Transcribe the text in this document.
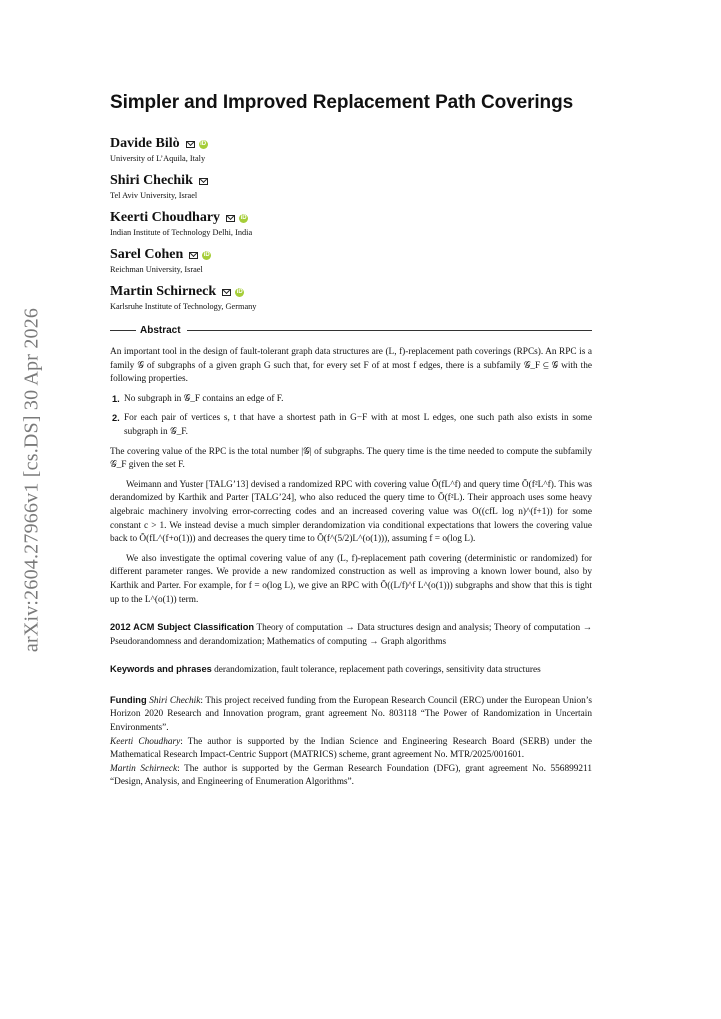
arXiv:2604.27966v1 [cs.DS] 30 Apr 2026
Simpler and Improved Replacement Path Coverings
Davide Bilò	iD
University of L’Aquila, Italy
Shiri Chechik
Tel Aviv University, Israel
Keerti Choudhary	iD
Indian Institute of Technology Delhi, India
Sarel Cohen	iD
Reichman University, Israel
Martin Schirneck	iD
Karlsruhe Institute of Technology, Germany
Abstract

An important tool in the design of fault-tolerant graph data structures are (L, f)-replacement path coverings (RPCs). An RPC is a family 𝒢 of subgraphs of a given graph G such that, for every set F of at most f edges, there is a subfamily 𝒢_F ⊆ 𝒢 with the following properties.

1. No subgraph in 𝒢_F contains an edge of F.
2. For each pair of vertices s, t that have a shortest path in G−F with at most L edges, one such path also exists in some subgraph in 𝒢_F.

The covering value of the RPC is the total number |𝒢| of subgraphs. The query time is the time needed to compute the subfamily 𝒢_F given the set F.

Weimann and Yuster [TALG’13] devised a randomized RPC with covering value Õ(fL^f) and query time Õ(f²L^f). This was derandomized by Karthik and Parter [TALG’24], who also reduced the query time to Õ(f²L). Their approach uses some heavy algebraic machinery involving error-correcting codes and an increased covering value was O((cfL log n)^(f+1)) for some constant c > 1. We instead devise a much simpler derandomization via conditional expectations that lowers the covering value back to Õ(fL^(f+o(1))) and decreases the query time to Õ(f^(5/2)L^(o(1))), assuming f = o(log L).

We also investigate the optimal covering value of any (L, f)-replacement path covering (deterministic or randomized) for different parameter ranges. We provide a new randomized construction as well as improving a known lower bound, also by Karthik and Parter. For example, for f = o(log L), we give an RPC with Õ((L/f)^f L^(o(1))) subgraphs and show that this is tight up to the L^(o(1)) term.

2012 ACM Subject Classification Theory of computation → Data structures design and analysis; Theory of computation → Pseudorandomness and derandomization; Mathematics of computing → Graph algorithms

Keywords and phrases derandomization, fault tolerance, replacement path coverings, sensitivity data structures

Funding Shiri Chechik: This project received funding from the European Research Council (ERC) under the European Union’s Horizon 2020 Research and Innovation program, grant agreement No. 803118 “The Power of Randomization in Uncertain Environments”.

Keerti Choudhary: The author is supported by the Indian Science and Engineering Research Board (SERB) under the Mathematical Research Impact-Centric Support (MATRICS) scheme, grant agreement No. MTR/2025/001601.

Martin Schirneck: The author is supported by the German Research Foundation (DFG), grant agreement No. 556899211 “Design, Analysis, and Engineering of Enumeration Algorithms”.
